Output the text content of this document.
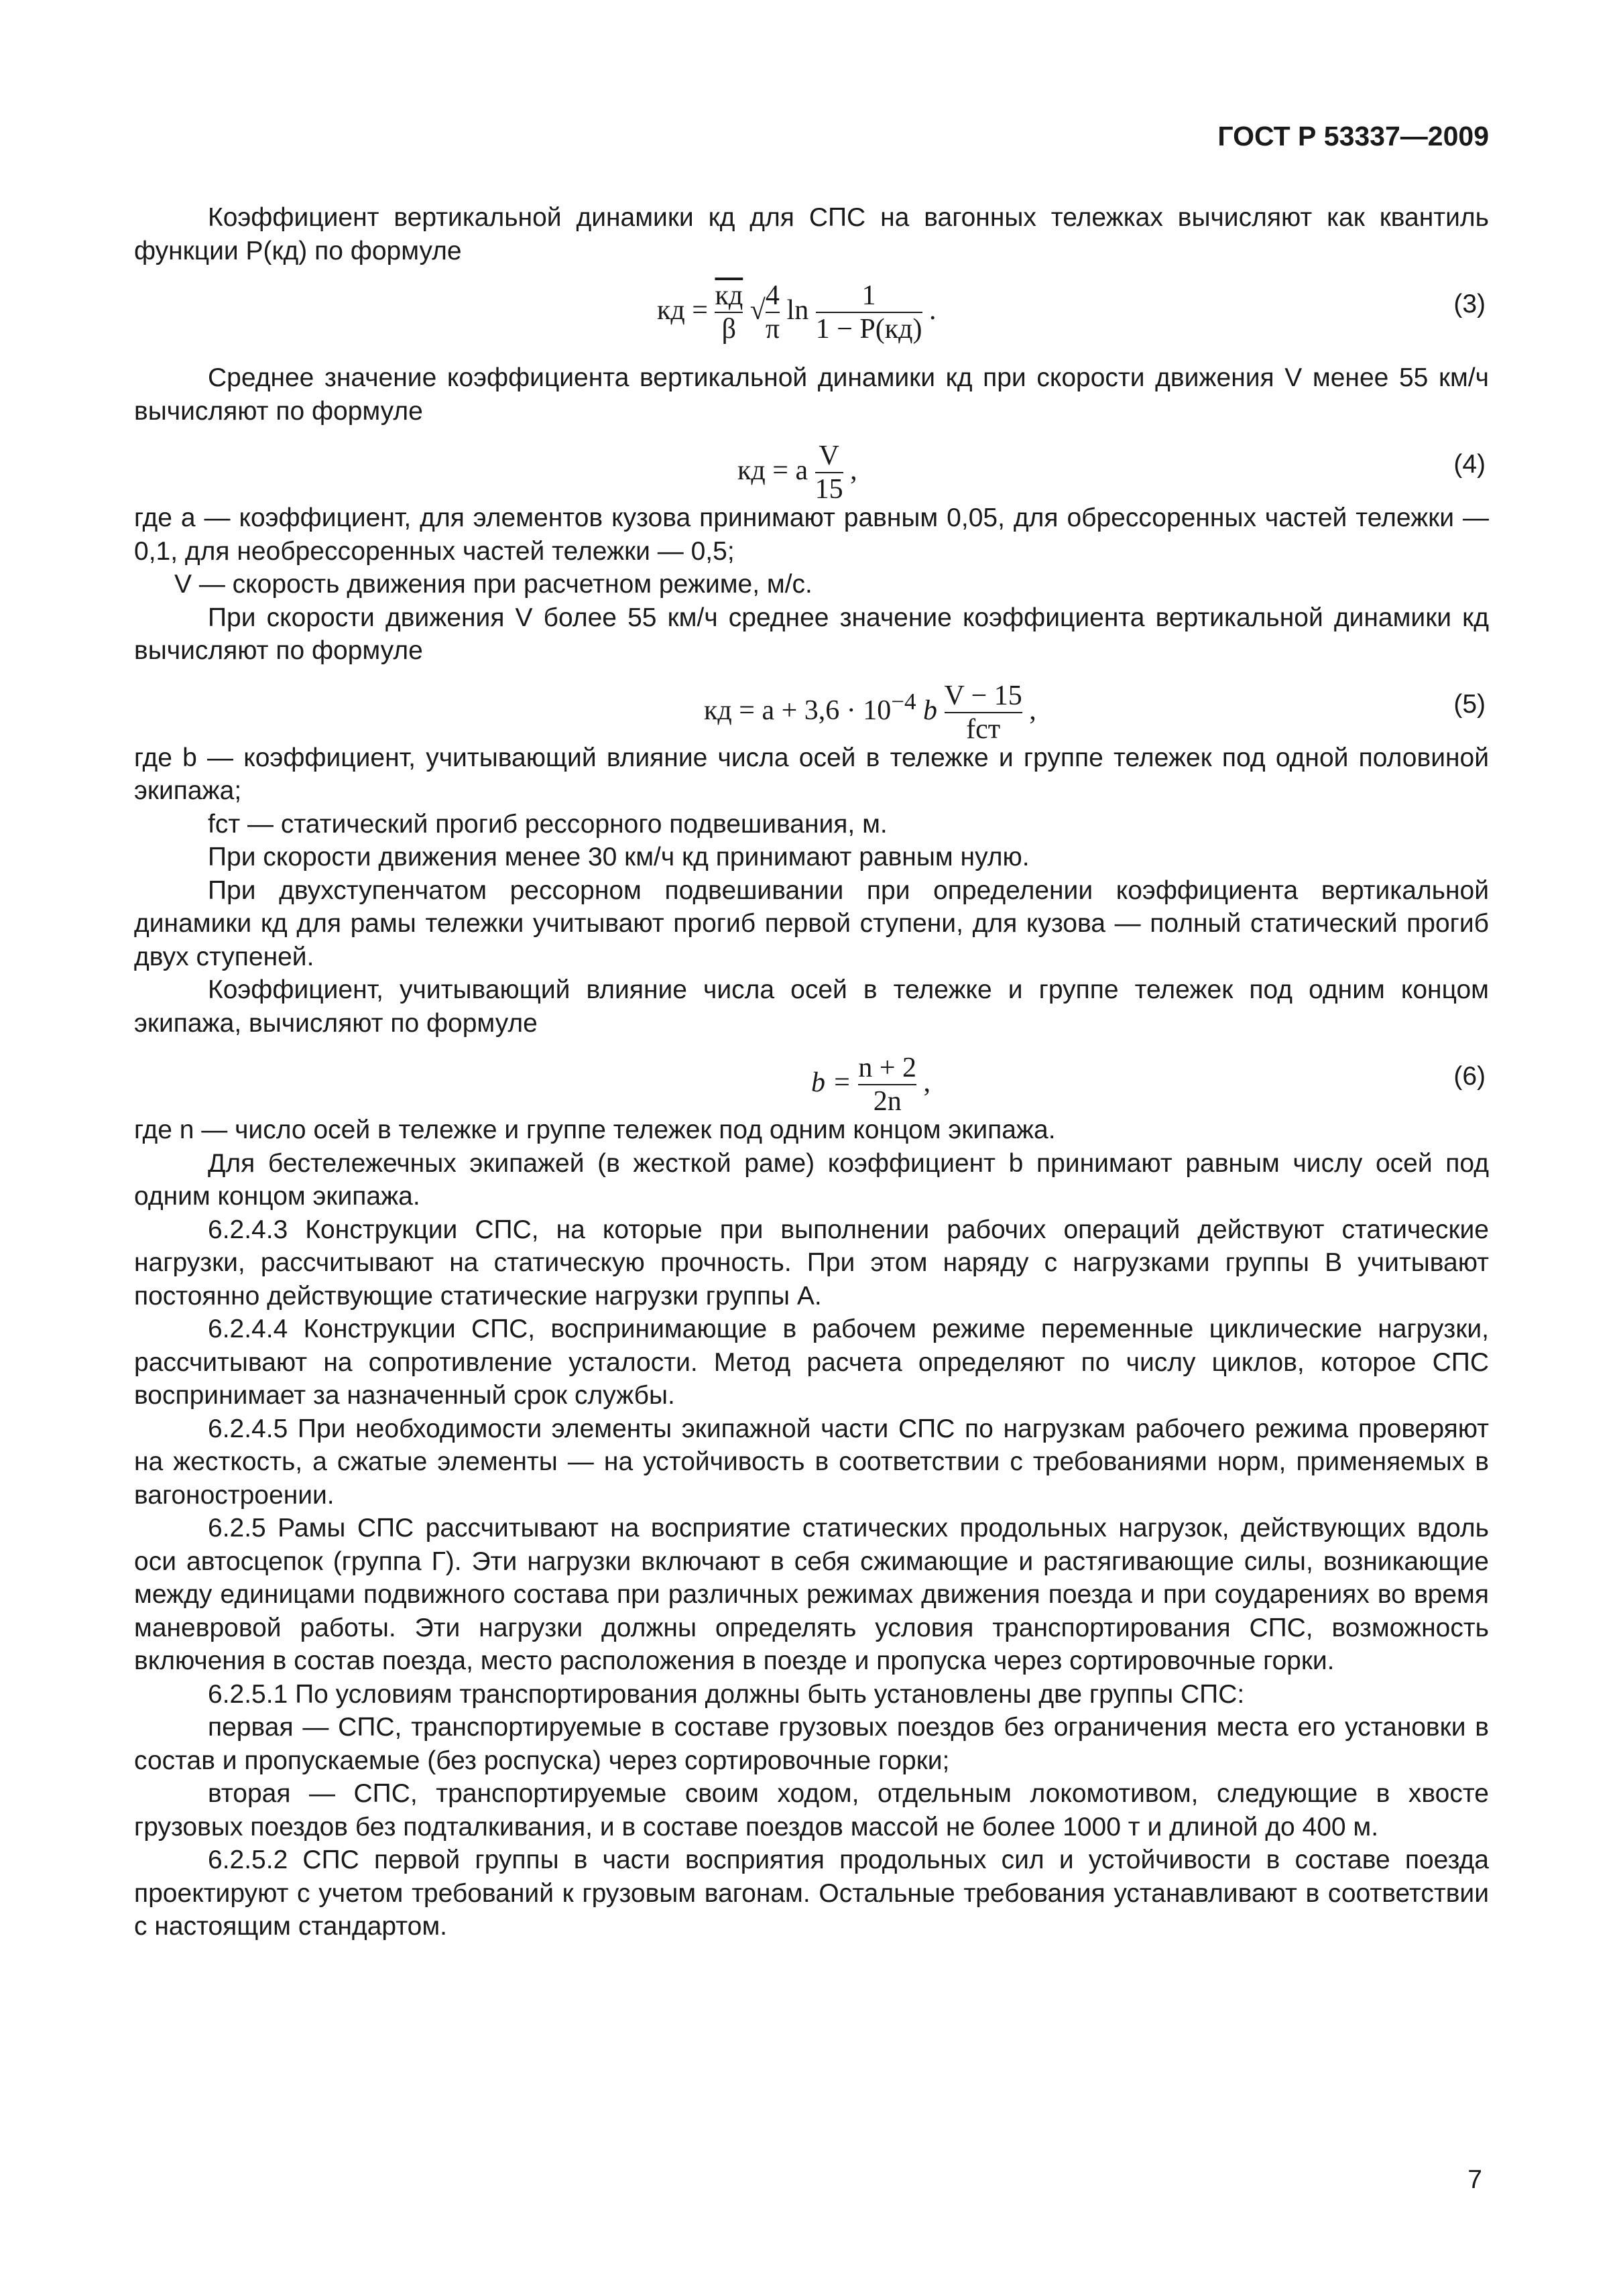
ГОСТ Р 53337—2009

Коэффициент вертикальной динамики кд для СПС на вагонных тележках вычисляют как квантиль функции P(кд) по формуле

кд = $\frac{кд}{\beta}$ √ $\frac{4}{\pi}$ $\ln \frac{1}{1 - P(кд)}$ .	(3)

Среднее значение коэффициента вертикальной динамики кд при скорости движения V менее 55 км/ч вычисляют по формуле

кд = a $\frac{V}{15}$ ,	(4)

где a — коэффициент, для элементов кузова принимают равным 0,05, для обрессоренных частей тележки — 0,1, для необрессоренных частей тележки — 0,5;

V — скорость движения при расчетном режиме, м/с.

При скорости движения V более 55 км/ч среднее значение коэффициента вертикальной динамики кд вычисляют по формуле

кд = $a + 3,6 \cdot 10^{-4}$ b $\frac{V - 15}{\text{fст}}$ ,	(5)

где b — коэффициент, учитывающий влияние числа осей в тележке и группе тележек под одной половиной экипажа;

fст — статический прогиб рессорного подвешивания, м.

При скорости движения менее 30 км/ч кд принимают равным нулю.

При двухступенчатом рессорном подвешивании при определении коэффициента вертикальной динамики кд для рамы тележки учитывают прогиб первой ступени, для кузова — полный статический прогиб двух ступеней.

Коэффициент, учитывающий влияние числа осей в тележке и группе тележек под одним концом экипажа, вычисляют по формуле

$b = \frac{n + 2}{2n}$ ,	(6)

где n — число осей в тележке и группе тележек под одним концом экипажа.

Для бестележечных экипажей (в жесткой раме) коэффициент b принимают равным числу осей под одним концом экипажа.

6.2.4.3 Конструкции СПС, на которые при выполнении рабочих операций действуют статические нагрузки, рассчитывают на статическую прочность. При этом наряду с нагрузками группы В учитывают постоянно действующие статические нагрузки группы А.

6.2.4.4 Конструкции СПС, воспринимающие в рабочем режиме переменные циклические нагрузки, рассчитывают на сопротивление усталости. Метод расчета определяют по числу циклов, которое СПС воспринимает за назначенный срок службы.

6.2.4.5 При необходимости элементы экипажной части СПС по нагрузкам рабочего режима проверяют на жесткость, а сжатые элементы — на устойчивость в соответствии с требованиями норм, применяемых в вагоностроении.

6.2.5 Рамы СПС рассчитывают на восприятие статических продольных нагрузок, действующих вдоль оси автосцепок (группа Г). Эти нагрузки включают в себя сжимающие и растягивающие силы, возникающие между единицами подвижного состава при различных режимах движения поезда и при соударениях во время маневровой работы. Эти нагрузки должны определять условия транспортирования СПС, возможность включения в состав поезда, место расположения в поезде и пропуска через сортировочные горки.

6.2.5.1 По условиям транспортирования должны быть установлены две группы СПС:

первая — СПС, транспортируемые в составе грузовых поездов без ограничения места его установки в состав и пропускаемые (без роспуска) через сортировочные горки;

вторая — СПС, транспортируемые своим ходом, отдельным локомотивом, следующие в хвосте грузовых поездов без подталкивания, и в составе поездов массой не более 1000 т и длиной до 400 м.

6.2.5.2 СПС первой группы в части восприятия продольных сил и устойчивости в составе поезда проектируют с учетом требований к грузовым вагонам. Остальные требования устанавливают в соответствии с настоящим стандартом.

7
